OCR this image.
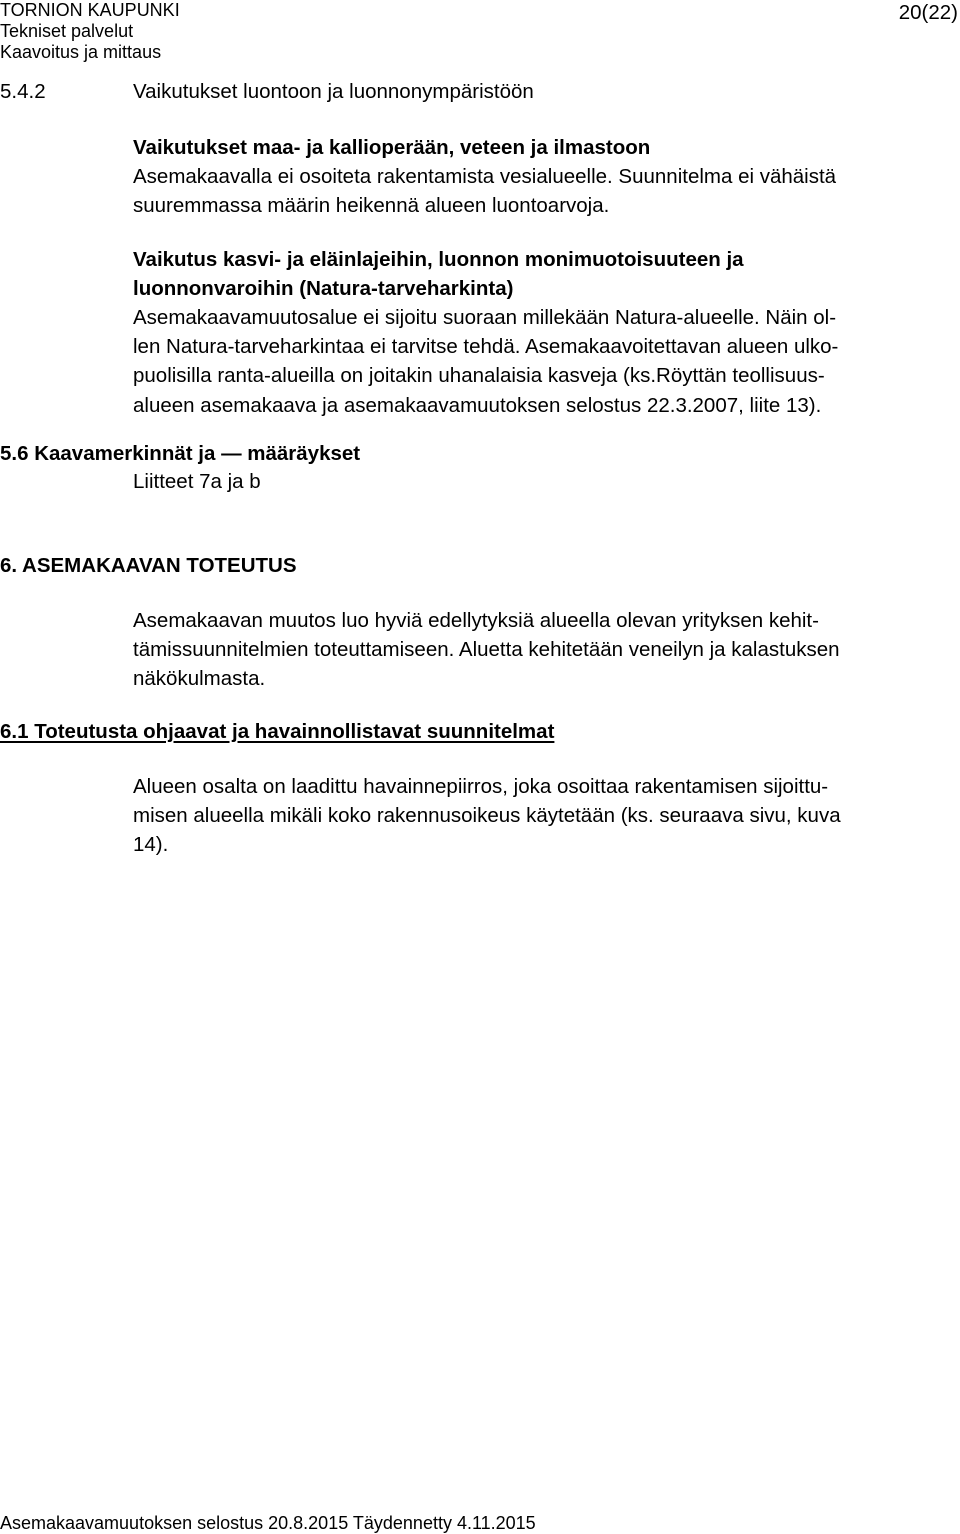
TORNION KAUPUNKI
Tekniset palvelut
Kaavoitus ja mittaus
20(22)
5.4.2	Vaikutukset luontoon ja luonnonympäristöön
Vaikutukset maa- ja kallioperään, veteen ja ilmastoon
Asemakaavalla ei osoiteta rakentamista vesialueelle. Suunnitelma ei vähäistä
suuremmassa määrin heikennä alueen luontoarvoja.
Vaikutus kasvi- ja eläinlajeihin, luonnon monimuotoisuuteen ja
luonnonvaroihin (Natura-tarveharkinta)
Asemakaavamuutosalue ei sijoitu suoraan millekään Natura-alueelle. Näin ol-
len Natura-tarveharkintaa ei tarvitse tehdä. Asemakaavoitettavan alueen ulko-
puolisilla ranta-alueilla on joitakin uhanalaisia kasveja (ks.Röyttän teollisuus-
alueen asemakaava ja asemakaavamuutoksen selostus 22.3.2007, liite 13).
5.6 Kaavamerkinnät ja — määräykset
Liitteet 7a ja b
6. ASEMAKAAVAN TOTEUTUS
Asemakaavan muutos luo hyviä edellytyksiä alueella olevan yrityksen kehit-
tämissuunnitelmien toteuttamiseen. Aluetta kehitetään veneilyn ja kalastuksen
näkökulmasta.
6.1 Toteutusta ohjaavat ja havainnollistavat suunnitelmat
Alueen osalta on laadittu havainnepiirros, joka osoittaa rakentamisen sijoittu-
misen alueella mikäli koko rakennusoikeus käytetään (ks. seuraava sivu, kuva
14).
Asemakaavamuutoksen selostus 20.8.2015 Täydennetty 4.11.2015
